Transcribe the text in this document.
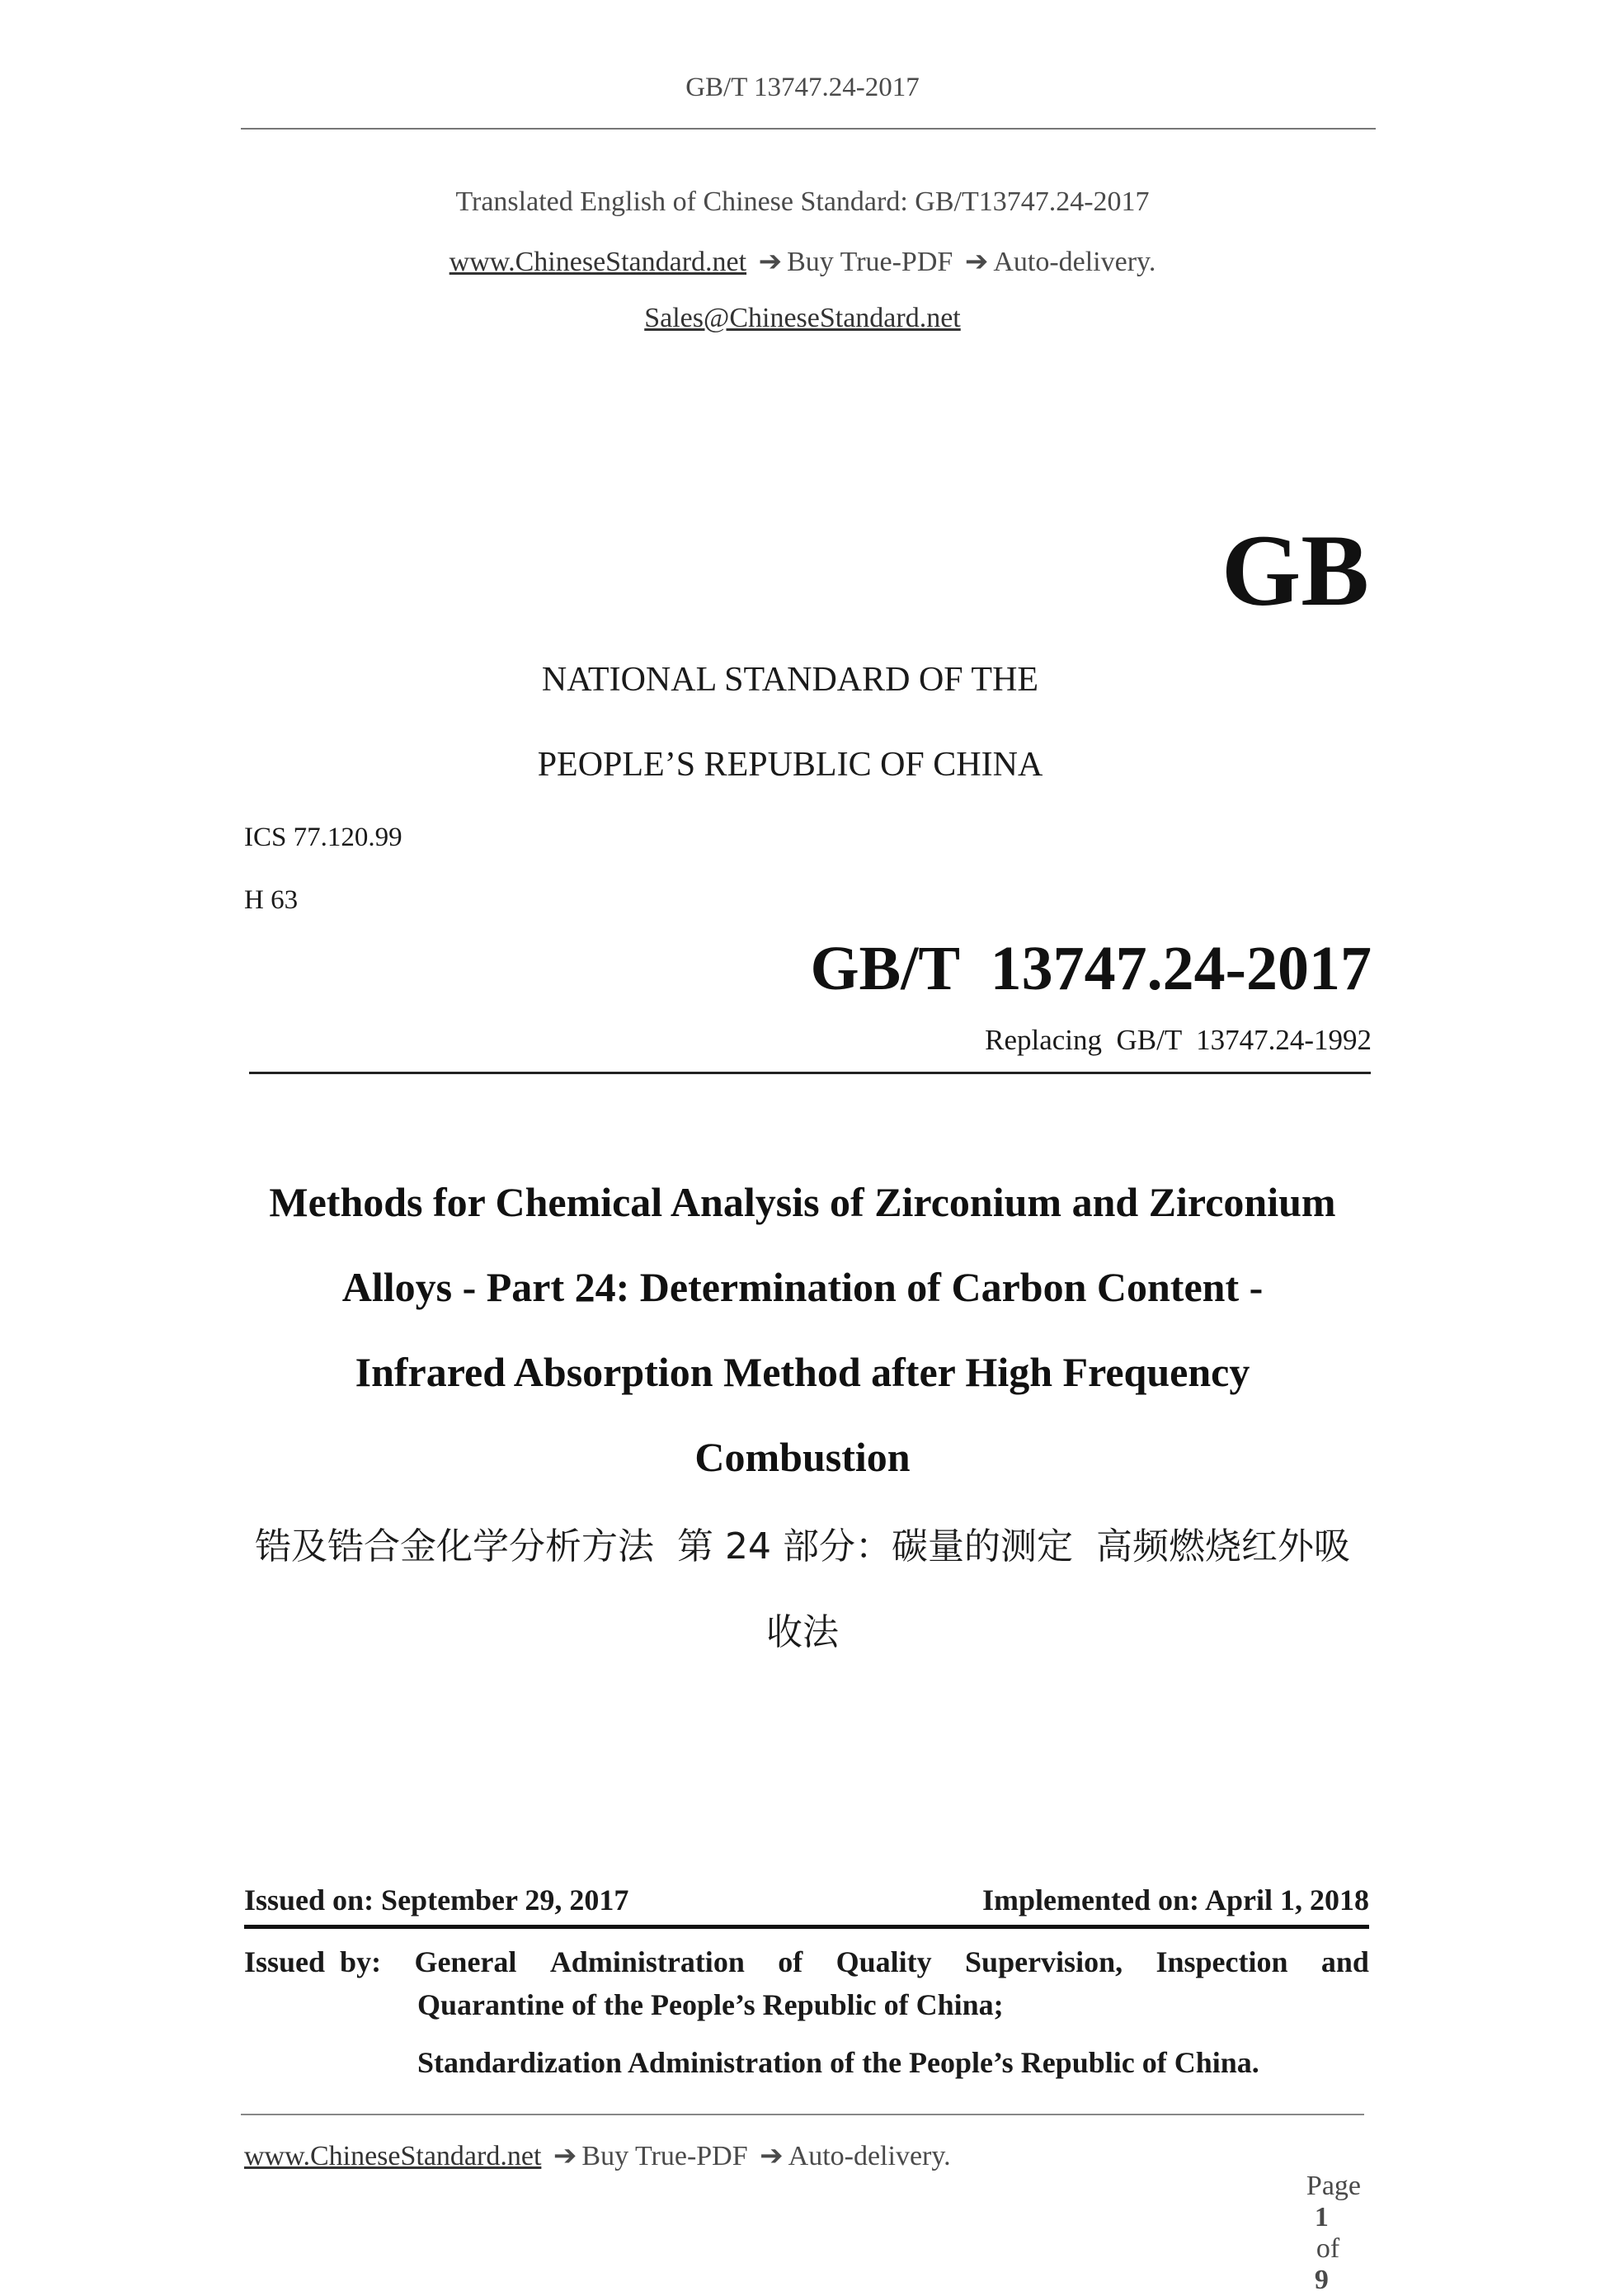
GB/T 13747.24-2017
Translated English of Chinese Standard: GB/T13747.24-2017
www.ChineseStandard.net ➔ Buy True-PDF ➔ Auto-delivery.
Sales@ChineseStandard.net
GB
NATIONAL STANDARD OF THE
PEOPLE’S REPUBLIC OF CHINA
ICS 77.120.99
H 63
GB/T  13747.24-2017
Replacing  GB/T  13747.24-1992
Methods for Chemical Analysis of Zirconium and Zirconium
Alloys - Part 24: Determination of Carbon Content -
Infrared Absorption Method after High Frequency
Combustion
锆及锆合金化学分析方法  第 24 部分：碳量的测定  高频燃烧红外吸
收法
Issued on: September 29, 2017	Implemented on: April 1, 2018
Issued  by: General Administration of Quality Supervision, Inspection and
Quarantine of the People’s Republic of China;
Standardization Administration of the People’s Republic of China.
www.ChineseStandard.net ➔ Buy True-PDF ➔ Auto-delivery.

Page
1
of
9
